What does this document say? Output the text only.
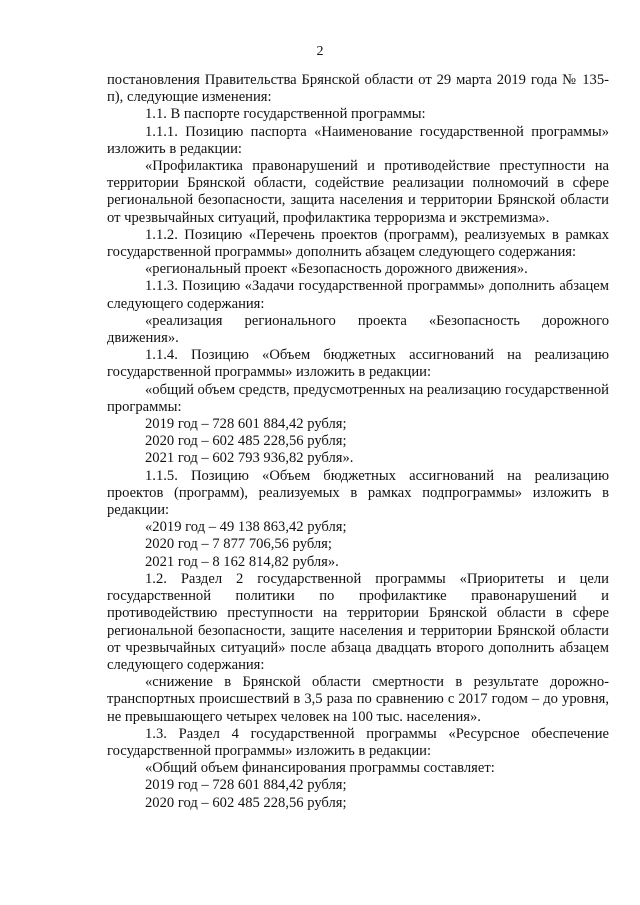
2

постановления Правительства Брянской области от 29 марта 2019 года № 135-п), следующие изменения:

1.1. В паспорте государственной программы:

1.1.1. Позицию паспорта «Наименование государственной программы» изложить в редакции:

«Профилактика правонарушений и противодействие преступности на территории Брянской области, содействие реализации полномочий в сфере региональной безопасности, защита населения и территории Брянской области от чрезвычайных ситуаций, профилактика терроризма и экстремизма».

1.1.2. Позицию «Перечень проектов (программ), реализуемых в рамках государственной программы» дополнить абзацем следующего содержания:

«региональный проект «Безопасность дорожного движения».

1.1.3. Позицию «Задачи государственной программы» дополнить абзацем следующего содержания:

«реализация регионального проекта «Безопасность дорожного движения».

1.1.4. Позицию «Объем бюджетных ассигнований на реализацию государственной программы» изложить в редакции:

«общий объем средств, предусмотренных на реализацию государственной программы:

2019 год – 728 601 884,42 рубля;

2020 год – 602 485 228,56 рубля;

2021 год – 602 793 936,82 рубля».

1.1.5. Позицию «Объем бюджетных ассигнований на реализацию проектов (программ), реализуемых в рамках подпрограммы» изложить в редакции:

«2019 год – 49 138 863,42 рубля;

2020 год – 7 877 706,56 рубля;

2021 год – 8 162 814,82 рубля».

1.2. Раздел 2 государственной программы «Приоритеты и цели государственной политики по профилактике правонарушений и противодействию преступности на территории Брянской области в сфере региональной безопасности, защите населения и территории Брянской области от чрезвычайных ситуаций» после абзаца двадцать второго дополнить абзацем следующего содержания:

«снижение в Брянской области смертности в результате дорожно-транспортных происшествий в 3,5 раза по сравнению с 2017 годом – до уровня, не превышающего четырех человек на 100 тыс. населения».

1.3. Раздел 4 государственной программы «Ресурсное обеспечение государственной программы» изложить в редакции:

«Общий объем финансирования программы составляет:

2019 год – 728 601 884,42 рубля;

2020 год – 602 485 228,56 рубля;
